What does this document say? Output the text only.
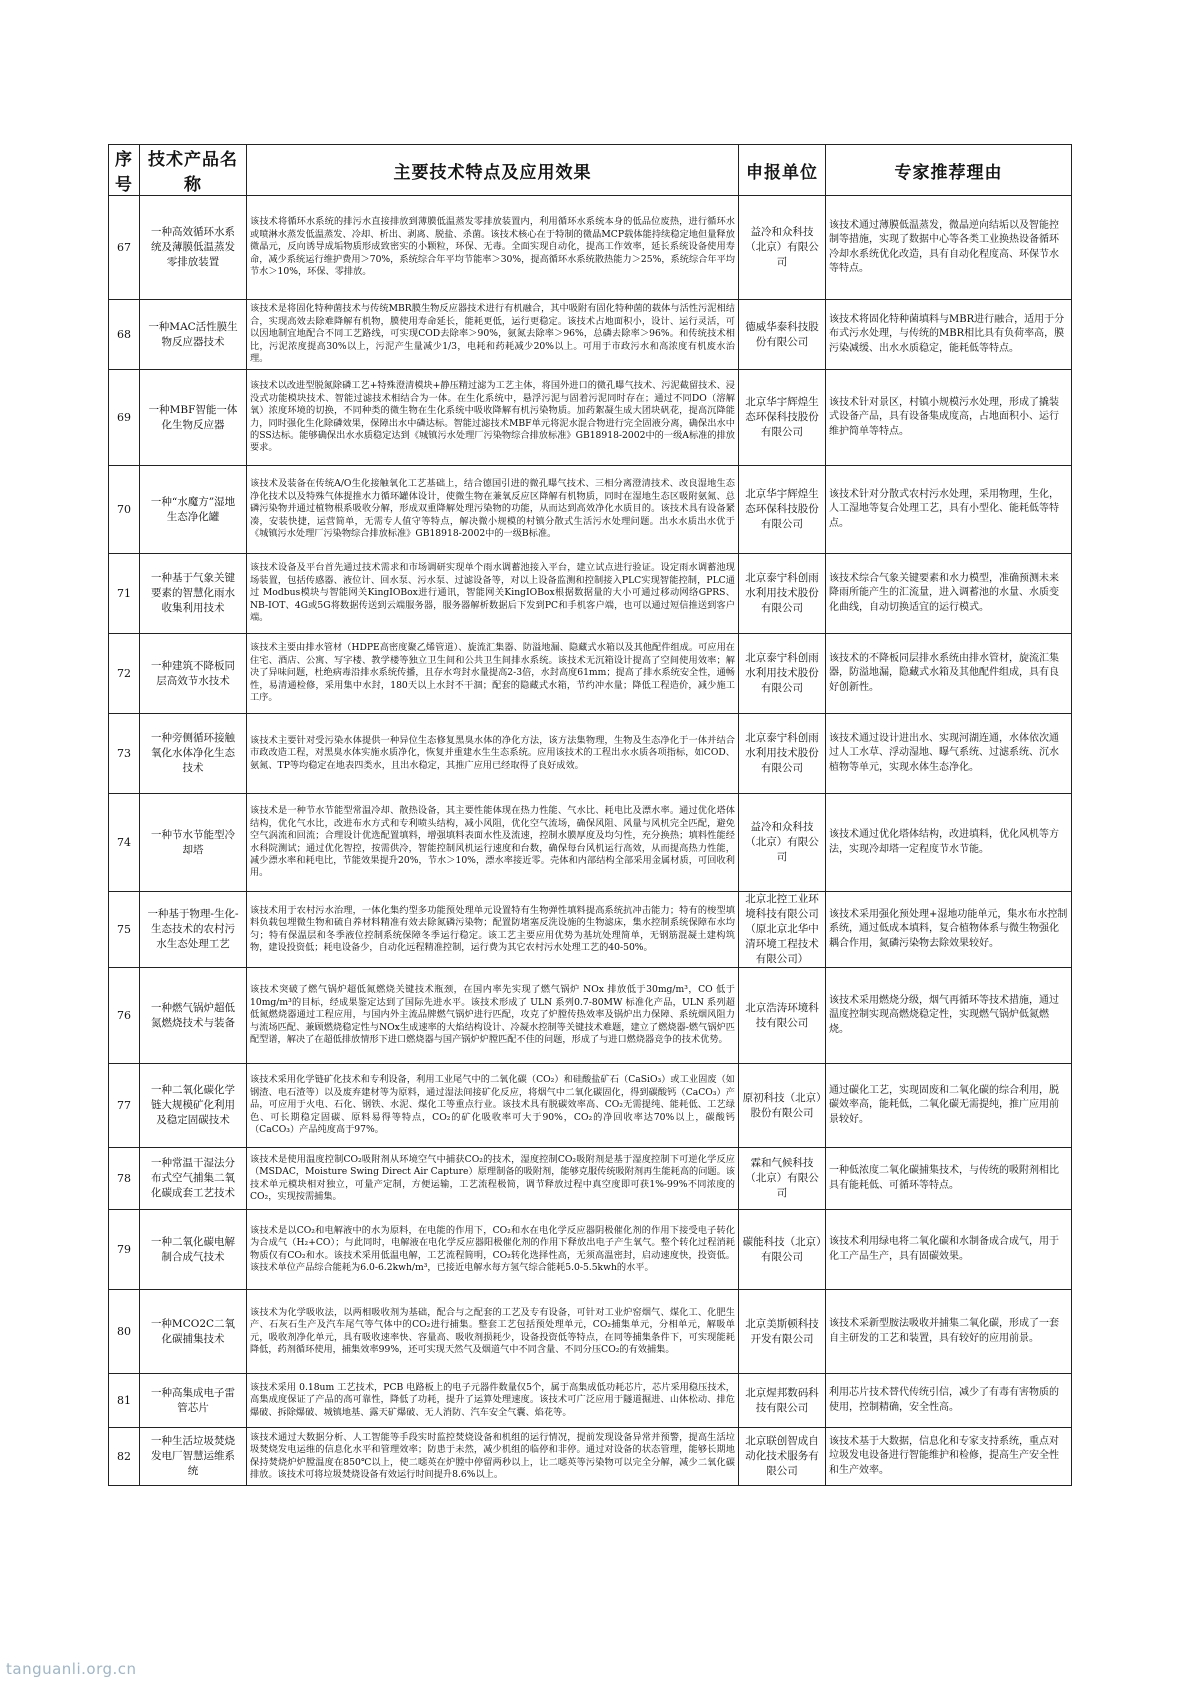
序号	技术产品名称	主要技术特点及应用效果	申报单位	专家推荐理由
67	一种高效循环水系统及薄膜低温蒸发零排放装置	该技术将循环水系统的排污水直接排放到薄膜低温蒸发零排放装置内，利用循环水系统本身的低品位废热，进行循环水或喷淋水蒸发低温蒸发、冷却、析出、剥离、脱盐、杀菌。该技术核心在于特制的微晶MCP载体能持续稳定地但量释放微晶元，反向诱导成垢物质形成致密实的小颗粒，环保、无毒。全面实现自动化，提高工作效率，延长系统设备使用寿命，减少系统运行维护费用＞70%，系统综合年平均节能率＞30%，提高循环水系统散热能力＞25%，系统综合年平均节水＞10%，环保、零排放。	益冷和众科技（北京）有限公司	该技术通过薄膜低温蒸发，微晶逆向结垢以及智能控制等措施，实现了数据中心等各类工业换热设备循环冷却水系统优化改造，具有自动化程度高、环保节水等特点。
68	一种MAC活性膜生物反应器技术	该技术是将固化特种菌技术与传统MBR膜生物反应器技术进行有机融合，其中吸附有固化特种菌的载体与活性污泥相结合，实现高效去除难降解有机物，膜使用寿命延长，能耗更低，运行更稳定。该技术占地面积小，设计、运行灵活，可以因地制宜地配合不同工艺路线，可实现COD去除率＞90%，氨氮去除率＞96%，总磷去除率＞96%。和传统技术相比，污泥浓度提高30%以上，污泥产生量减少1/3，电耗和药耗减少20%以上。可用于市政污水和高浓度有机废水治理。	德威华泰科技股份有限公司	该技术将固化特种菌填料与MBR进行融合，适用于分布式污水处理，与传统的MBR相比具有负荷率高，膜污染减缓、出水水质稳定，能耗低等特点。
69	一种MBF智能一体化生物反应器	该技术以改进型脱氮除磷工艺+特殊澄清模块+静压精过滤为工艺主体，将国外进口的微孔曝气技术、污泥截留技术、浸没式功能模块技术、智能过滤技术相结合为一体。在生化系统中，悬浮污泥与固着污泥同时存在；通过不同DO（溶解氧）浓度环境的切换，不同种类的微生物在生化系统中吸收降解有机污染物质。加药絮凝生成大团块矾花，提高沉降能力，同时强化生化除磷效果，保障出水中磷达标。智能过滤技术MBF单元将泥水混合物进行完全固液分离，确保出水中的SS达标。能够确保出水水质稳定达到《城镇污水处理厂污染物综合排放标准》GB18918-2002中的一级A标准的排放要求。	北京华宇辉煌生态环保科技股份有限公司	该技术针对景区，村镇小规模污水处理，形成了撬装式设备产品，具有设备集成度高，占地面积小、运行维护简单等特点。
70	一种“水魔方”湿地生态净化罐	该技术及装备在传统A/O生化接触氧化工艺基础上，结合德国引进的微孔曝气技术、三相分离澄清技术、改良湿地生态净化技术以及特殊气体提推水力循环罐体设计，使微生物在兼氧反应区降解有机物质，同时在湿地生态区吸附氨氮、总磷污染物并通过植物根系吸收分解，形成双重降解处理污染物的功能，从而达到高效净化水质目的。该技术具有设备紧凑，安装快捷，运营简单，无需专人值守等特点，解决微小规模的村镇分散式生活污水处理问题。出水水质出水优于《城镇污水处理厂污染物综合排放标准》GB18918-2002中的一级B标准。	北京华宇辉煌生态环保科技股份有限公司	该技术针对分散式农村污水处理，采用物理，生化，人工湿地等复合处理工艺，具有小型化、能耗低等特点。
71	一种基于气象关键要素的智慧化雨水收集利用技术	该技术设备及平台首先通过技术需求和市场调研实现单个雨水调蓄池接入平台，建立试点进行验证。设定雨水调蓄池现场装置，包括传感器、液位计、回水泵、污水泵、过滤设备等，对以上设备监测和控制接入PLC实现智能控制，PLC通过 Modbus模块与智能网关KingIOBox进行通讯，智能网关KingIOBox根据数据量的大小可通过移动网络GPRS、NB-IOT、4G或5G将数据传送到云端服务器，服务器解析数据后下发到PC和手机客户端，也可以通过短信推送到客户端。	北京泰宁科创雨水利用技术股份有限公司	该技术综合气象关键要素和水力模型，准确预测未来降雨所能产生的汇流量，进入调蓄池的水量、水质变化曲线，自动切换适宜的运行模式。
72	一种建筑不降板同层高效节水技术	该技术主要由排水管材（HDPE高密度聚乙烯管道）、旋流汇集器、防溢地漏、隐藏式水箱以及其他配件组成。可应用在住宅、酒店、公寓、写字楼、教学楼等独立卫生间和公共卫生间排水系统。该技术无沉箱设计提高了空间使用效率；解决了异味问题，杜绝病毒沿排水系统传播，且存水弯封水量提高2-3倍，水封高度61mm；提高了排水系统安全性，通畅性，易清通检修，采用集中水封，180天以上水封不干涸；配套的隐藏式水箱，节约冲水量；降低工程造价，减少施工工序。	北京泰宁科创雨水利用技术股份有限公司	该技术的不降板同层排水系统由排水管材，旋流汇集器，防溢地漏，隐藏式水箱及其他配件组成，具有良好创新性。
73	一种旁侧循环接触氧化水体净化生态技术	该技术主要针对受污染水体提供一种异位生态修复黑臭水体的净化方法，该方法集物理，生物及生态净化于一体并结合市政改造工程，对黑臭水体实施水质净化，恢复并重建水生生态系统。应用该技术的工程出水水质各项指标，如COD、氨氮、TP等均稳定在地表四类水，且出水稳定，其推广应用已经取得了良好成效。	北京泰宁科创雨水利用技术股份有限公司	该技术通过设计进出水、实现河湖连通，水体依次通过人工水草、浮动湿地、曝气系统、过滤系统、沉水植物等单元，实现水体生态净化。
74	一种节水节能型冷却塔	该技术是一种节水节能型常温冷却、散热设备，其主要性能体现在热力性能、气水比、耗电比及漂水率。通过优化塔体结构，优化气水比，改进布水方式和专利喷头结构，减小风阻，优化空气流场，确保风阻、风量与风机完全匹配，避免空气涡流和回流；合理设计优选配置填料，增强填料表面水性及流速，控制水膜厚度及均匀性，充分换热；填料性能经水科院测试；通过优化智控，按需供冷，智能控制风机运行速度和台数，确保每台风机运行高效，从而提高热力性能，减少漂水率和耗电比，节能效果提升20%，节水＞10%，漂水率接近零。壳体和内部结构全部采用金属材质，可回收利用。	益冷和众科技（北京）有限公司	该技术通过优化塔体结构，改进填料，优化风机等方法，实现冷却塔一定程度节水节能。
75	一种基于物理-生化-生态技术的农村污水生态处理工艺	该技术用于农村污水治理，一体化集约型多功能预处理单元设置特有生物弹性填料提高系统抗冲击能力；特有的梭型填料负载包埋微生物和硫自养材料精准有效去除氮磷污染物；配置防堵塞反洗设施的生物滤床，集水控制系统保障布水均匀；特有保温层和冬季液位控制系统保障冬季运行稳定。该工艺主要应用优势为基坑处理简单，无钢筋混凝土建构筑物，建设投资低；耗电设备少，自动化远程精准控制，运行费为其它农村污水处理工艺的40-50%。	北京北控工业环境科技有限公司（原北京北华中清环境工程技术有限公司）	该技术采用强化预处理+湿地功能单元，集水布水控制系统，通过低成本填料，复合植物体系与微生物强化耦合作用，氮磷污染物去除效果较好。
76	一种燃气锅炉超低氮燃烧技术与装备	该技术突破了燃气锅炉超低氮燃烧关键技术瓶颈，在国内率先实现了燃气锅炉 NOx 排放低于30mg/m³，CO 低于 10mg/m³的目标，经成果鉴定达到了国际先进水平。该技术形成了 ULN 系列0.7-80MW 标准化产品，ULN 系列超低氮燃烧器通过工程应用，与国内外主流品牌燃气锅炉进行匹配，攻克了炉膛传热效率及锅炉出力保障、系统烟风阻力与流场匹配、兼顾燃烧稳定性与NOx生成速率的大焰结构设计、冷凝水控制等关键技术难题，建立了燃烧器-燃气锅炉匹配型谱，解决了在超低排放情形下进口燃烧器与国产锅炉炉膛匹配不佳的问题，形成了与进口燃烧器竞争的技术优势。	北京浩涛环境科技有限公司	该技术采用燃烧分级，烟气再循环等技术措施，通过温度控制实现高燃烧稳定性，实现燃气锅炉低氮燃烧。
77	一种二氧化碳化学链大规模矿化利用及稳定固碳技术	该技术采用化学链矿化技术和专利设备，利用工业尾气中的二氧化碳（CO₂）和硅酸盐矿石（CaSiO₃）或工业固废（如钢渣、电石渣等）以及废弃建材等为原料，通过湿法间接矿化反应，将烟气中二氧化碳固化，得到碳酸钙（CaCO₃）产品，可应用于火电、石化、钢铁、水泥、煤化工等重点行业。该技术具有脱碳效率高、CO₂无需提纯、能耗低、工艺绿色、可长期稳定固碳、原料易得等特点，CO₂的矿化吸收率可大于90%，CO₂的净回收率达70%以上，碳酸钙（CaCO₃）产品纯度高于97%。	原初科技（北京）股份有限公司	通过碳化工艺，实现固废和二氧化碳的综合利用，脱碳效率高，能耗低，二氧化碳无需提纯，推广应用前景较好。
78	一种常温干湿法分布式空气捕集二氧化碳成套工艺技术	该技术是使用温度控制CO₂吸附剂从环境空气中捕获CO₂的技术，湿度控制CO₂吸附剂是基于湿度控制下可逆化学反应（MSDAC，Moisture Swing Direct Air Capture）原理制备的吸附剂，能够克服传统吸附剂再生能耗高的问题。该技术单元模块相对独立，可量产定制，方便运输，工艺流程极简，调节释放过程中真空度即可获1%-99%不同浓度的CO₂，实现按需捕集。	霖和气候科技（北京）有限公司	一种低浓度二氧化碳捕集技术，与传统的吸附剂相比具有能耗低、可循环等特点。
79	一种二氧化碳电解制合成气技术	该技术是以CO₂和电解液中的水为原料，在电能的作用下，CO₂和水在电化学反应器阴极催化剂的作用下接受电子转化为合成气（H₂+CO）；与此同时，电解液在电化学反应器阳极催化剂的作用下释放出电子产生氧气。整个转化过程消耗物质仅有CO₂和水。该技术采用低温电解，工艺流程简明，CO₂转化选择性高，无须高温密封，启动速度快，投资低。该技术单位产品综合能耗为6.0-6.2kwh/m³，已接近电解水每方氢气综合能耗5.0-5.5kwh的水平。	碳能科技（北京）有限公司	该技术利用绿电将二氧化碳和水制备成合成气，用于化工产品生产，具有固碳效果。
80	一种MCO2C二氧化碳捕集技术	该技术为化学吸收法，以两相吸收剂为基础，配合与之配套的工艺及专有设备，可针对工业炉窑烟气、煤化工、化肥生产、石灰石生产及汽车尾气等气体中的CO₂进行捕集。整套工艺包括预处理单元，CO₂捕集单元，分相单元，解吸单元，吸收剂净化单元，具有吸收速率快、容量高、吸收剂损耗少，设备投资低等特点，在同等捕集条件下，可实现能耗降低，药剂循环使用，捕集效率99%，还可实现天然气及烟道气中不同含量、不同分压CO₂的有效捕集。	北京美斯顿科技开发有限公司	该技术采新型胺法吸收并捕集二氧化碳，形成了一套自主研发的工艺和装置，具有较好的应用前景。
81	一种高集成电子雷管芯片	该技术采用 0.18um 工艺技术，PCB 电路板上的电子元器件数量仅5个，属于高集成低功耗芯片，芯片采用稳压技术，高集成度保证了产品的高可靠性，降低了功耗，提升了运算处理速度。该技术可广泛应用于隧道掘进、山体松动、排危爆破、拆除爆破、城镇地基、露天矿爆破、无人消防、汽车安全气囊、焰花等。	北京煋邦数码科技有限公司	利用芯片技术替代传统引信，减少了有毒有害物质的使用，控制精确，安全性高。
82	一种生活垃圾焚烧发电厂智慧运维系统	该技术通过大数据分析、人工智能等手段实时监控焚烧设备和机组的运行情况，提前发现设备异常并预警，提高生活垃圾焚烧发电运维的信息化水平和管理效率；防患于未然，减少机组的临停和非停。通过对设备的状态管理，能够长期地保持焚烧炉炉膛温度在850℃以上，使二噁英在炉膛中停留两秒以上，让二噁英等污染物可以完全分解，减少二氧化碳排放。该技术可将垃圾焚烧设备有效运行时间提升8.6%以上。	北京联创智成自动化技术服务有限公司	该技术基于大数据，信息化和专家支持系统，重点对垃圾发电设备进行智能维护和检修，提高生产安全性和生产效率。
tanguanli.org.cn
